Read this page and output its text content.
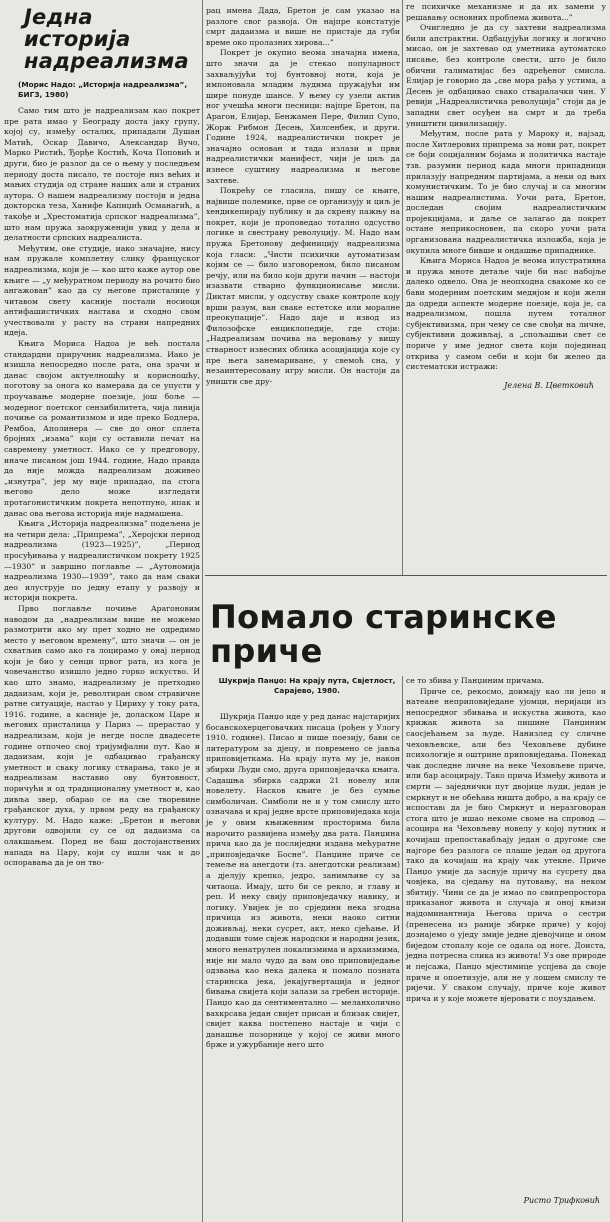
Једна историја надреализма
(Морис Надо: „Историја надреализма”, БИГЗ, 1980)

Само тим што је надреализам као покрет пре рата имао у Београду доста јаку групу, којој су, између осталих, припадали Душан Матић, Оскар Давичо, Александар Вучо, Марко Ристић, Ђорђе Костић, Коча Поповић и други, био је разлог да се о њему у последњем периоду доста писало, те постоје низ већих и мањих студија од стране наших али и страних аутора. О нашем надреализму постоји и једна докторска теза, Ханифе Капиџић Османагић, а такође и „Хрестоматија српског надреализма”, што нам пружа заокруженији увид у дела и делатности српских надреалиста.

Међутим, ове студије, иако значајне, нису нам пружале комплетну слику француског надреализма, који је — као што каже аутор ове књиге — „у међуратном периоду на рочито био ангажован” као да су његове присталице у читавом свету касније постали носиоци антифашистичких настава и сходно свом учествовали у расту на страни напредних идеја.

Књига Мориса Надоа је већ постала стандардни приручник надреализма. Иако је изишла непосредно после рата, она зрачи и данас својом актуелношћу и корисношћу, поготову за онога ко намерава да се упусти у проучавање модерне поезије, још боље — модерног поетског сензибилитета, чија линија почиње са романтизмом и иде преко Бодлера, Рембоа, Аполинера — све до оног сплета бројних „изама” који су оставили печат на савремену уметност. Иако се у предговору, иначе писаном још 1944. године, Надо правда да није можда надреализам доживео „изнутра”, јер му није припадао, па стога његово дело може изгледати протагонистичким покрета непотпуно, ипак и данас ова његова историја није надмашена.

Књига „Историја надреализма” подељена је на четири дела: „Припрема”, „Херојски период надреализма (1923—1925)”, „Период просуђивања у надреалистичком покрету 1925—1930” и завршно поглавље — „Аутономија надреализма 1930—1939”, тако да нам сваки део илуструје по једну етапу у развоју и историји покрета.

Прво поглавље почиње Арагоновим наводом да „надреализам више не можемо размотрити ако му прет ходно не одредимо место у његовом времену”, што значи — он је схватљив само ако га лоцирамо у онај период који је био у сенци првог рата, из кога је човечанство изишло једно горко искуство. И као што знамо, надреализму је претходио дадаизам, који је, револтиран свом стравичне ратне ситуације, настао у Цириху у току рата, 1916. године, а касније је, доласком Царе и његових присталица у Париз — прерастао у надреализам, који је негде после двадесете године отпочео свој тријумфални пут. Као и дадаизам, који је одбацивао грађанску уметност и сваку логику стварања, тако је и надреализам наставио ову бунтовност, поричући и од традиционалну уметност и, као дивља звер, обарао се на све творевине грађанског духа, у првом реду на грађанску културу. М. Надо каже: „Бретон и његови другови одвојили су се од дадаизма са олакшањем. Поред не баш достојанствених напада на Цару, који су ишли чак и до оспоравања да је он тво-

рац имена Дада, Бретон је сам указао на разлоге свог развоја. Он најпре констатује смрт дадаизма и више не пристаје да губи време око пролазних хирова...”

Покрет је окупио веома значајна имена, што значи да је стекао популарност захваљујући тој бунтовној ноти, која је импоновала младим људима пружајући им шире понуде шансе. У њему су узели актив ног учешћа многи песници: најпре Бретон, па Арагон, Елијар, Бенжамен Пере, Филип Супо, Жорж Рибмон Десењ, Хилсенбек, и други. Године 1924, надреалистички покрет је значајно основан и тада излази и први надреалистички манифест, чији је циљ да изнесе суштину надреализма и његове захтеве.

Покрећу се гласила, пишу се књиге, највише полемике, прве се организују и циљ је хендикепирају публику и да скрену пажњу на покрет, који је проповедао тотално одсуство логике и свестрану револуцију. М. Надо нам пружа Бретонову дефиницију надреализма која гласи: „Чисти психички аутоматизам којим се — било изговореном, било писаном речју, или на било који други начин — настоји изазвати стварно функционисање мисли. Диктат мисли, у одсуству сваке контроле коју врши разум, ван сваке естетске или моралне преокупације”. Надо даје и извод из Филозофске енциклопедије, где стоји: „Надреализам почива на веровању у вишу стварност извесних облика асоцијација које су пре њега занемариване, у свемоћ сна, у незаинтересовану игру мисли. Он настоји да уништи све дру-

ге психичке механизме и да их замени у решавању основних проблема живота...”

Очигледно је да су захтеви надреализма били апстрактни. Одбацујући логику и логично мисао, он је захтевао од уметника аутоматско писање, без контроле свести, што је било обични галиматијас без одређеног смисла. Елијар је говорио да „све мора рађа у устима, а Десењ је одбацивао свако стваралачки чин. У ревији „Надреалистичка револуција” стоји да је западни свет осуђен на смрт и да треба уништити цивилизацију.

Међутим, после рата у Мароку и, најзад, после Хитлерових припрема за нови рат, покрет се боји социјалним бојама и политичка настаје тзв. разумни период када многи припадници прилазују напредним партијама, а неки од њих комунистичким. То је био случај и са многим нашим надреалистима. Уочи рата, Бретон, доследан својим надреалистичким пројекцијама, и даље се залагао да покрет остане неприкосновен, па скоро уочи рата организована надреалистичка изложба, која је окупила многе бивше и ондашње припаднике.

Књига Мориса Надоа је веома илустративна и пружа мноте детаље чије би нас набојље далеко одвело. Она је неопходна свакоме ко се бави модерним поетским медијом и који жели да одреди аспекте модерне поезије, која је, са надреализмом, пошла путем тоталног субјективизма, при чему се све свођи на личне, субјективни доживљај, а „спољашњи свет се пориче у име једног света који појединац открива у самом себи и који би желео да систематски истражи:

Јелена В. Цветковић
Помало старинске приче
Шукрија Панџо: На крају пута, Свјетлост, Сарајево, 1980.

Шукрија Панџо иде у ред данас најстаријих босанскохерцеговачких писаца (рођен у Улогу 1910. године). Писао и пише поезију, бави се литературом за дјецу, и повремено се јавља приповијеткама. На крају пута му је, након збирки Људи смо, друга приповједачка књига. Садашња збирка садржи 21 новелу или новелету. Насков књиге је без сумње симболичан. Симболи не и у том смислу што означава и крај једне врсте приповиједака која је у овим књижевним просторима била нарочито развијена између два рата. Панџина прича као да је послиједни издана мећуратне „приповједачке Босне”. Панџине приче се темеље на анегдоти (тз. анегдотски реализам) а дјелују крепко, једро, занимљиве су за читаоца. Имају, што би се рекло, и главу и реп. И неку свију приповједачку навику, и логику. Увијек је по срједини нека згодна причица из живота, неки наоко ситни доживљај, неки сусрет, акт, неко сјећање. И додавши томе свјеж народски и народни језик, много ненатрулен локализмима и архаизмима, није ни мало чудо да вам ово приповиједање одзвања као нека далека и помало позната старинска јека, јекаjугвертација и једног бивањa свијета који залази за гребен историје. Панџо као да сентиментално — меланхолично вахкрсава један свијет присан и близак свијет, свијет каква постепено настаје и чији с данашње позорнице у којој се живи много брже и ужурбаније него што

се то збива у Панџиним причама.

Приче се, рекосмо, доимају као ли јепо и натеане неприповиједане ујомци, неријаци из непосредног збивања и искуства живота, као крижaк живота за пишине Панџиним саосјећањем за људе. Нанизлед су сличне чеховљевске, али без Чеховљеве дубине психологије и оштрине приповиједања. Понекад чак доследне личне на неке Чеховљеве приче, или бар асоцирају. Тако прича Између живота и смрти — заједнички пут двојице људи, један је смркнут и не обећава ништа добро, а на крају се испоставı да је био Смркнут и неразговоран стога што је ишао некоме своме на спровод — асоцира на Чеховљеву новелу у којој путник и кочијаш препоставабљају један о другоме све најгоре без разлога се плаше један од другога тако да кочијаш на крају чак утекне. Приче Панџо умије да заснује причу на сусрету два човјека, на сједању на путовању, на неком збитију. Чини се да је имао по свипрепростора приказаног живота и случаја и оној књизи најдоминантнија Његова прича о сестри (пренесена из раније збирке приче) у којој дознајемо о уједу змије једне дјевојчице и оном биједом стопалу које се одала од ногe. Доиста, једна потресна слика из живота! Уз ове природе и пејсажа, Панџо мјестимице успјева да своје приче и опоетизује, али не у лошем смислу те ријечи. У сваком случају, приче које живот прича и у које можете вјеровати с поуздањем.

Ристо Трифковић
